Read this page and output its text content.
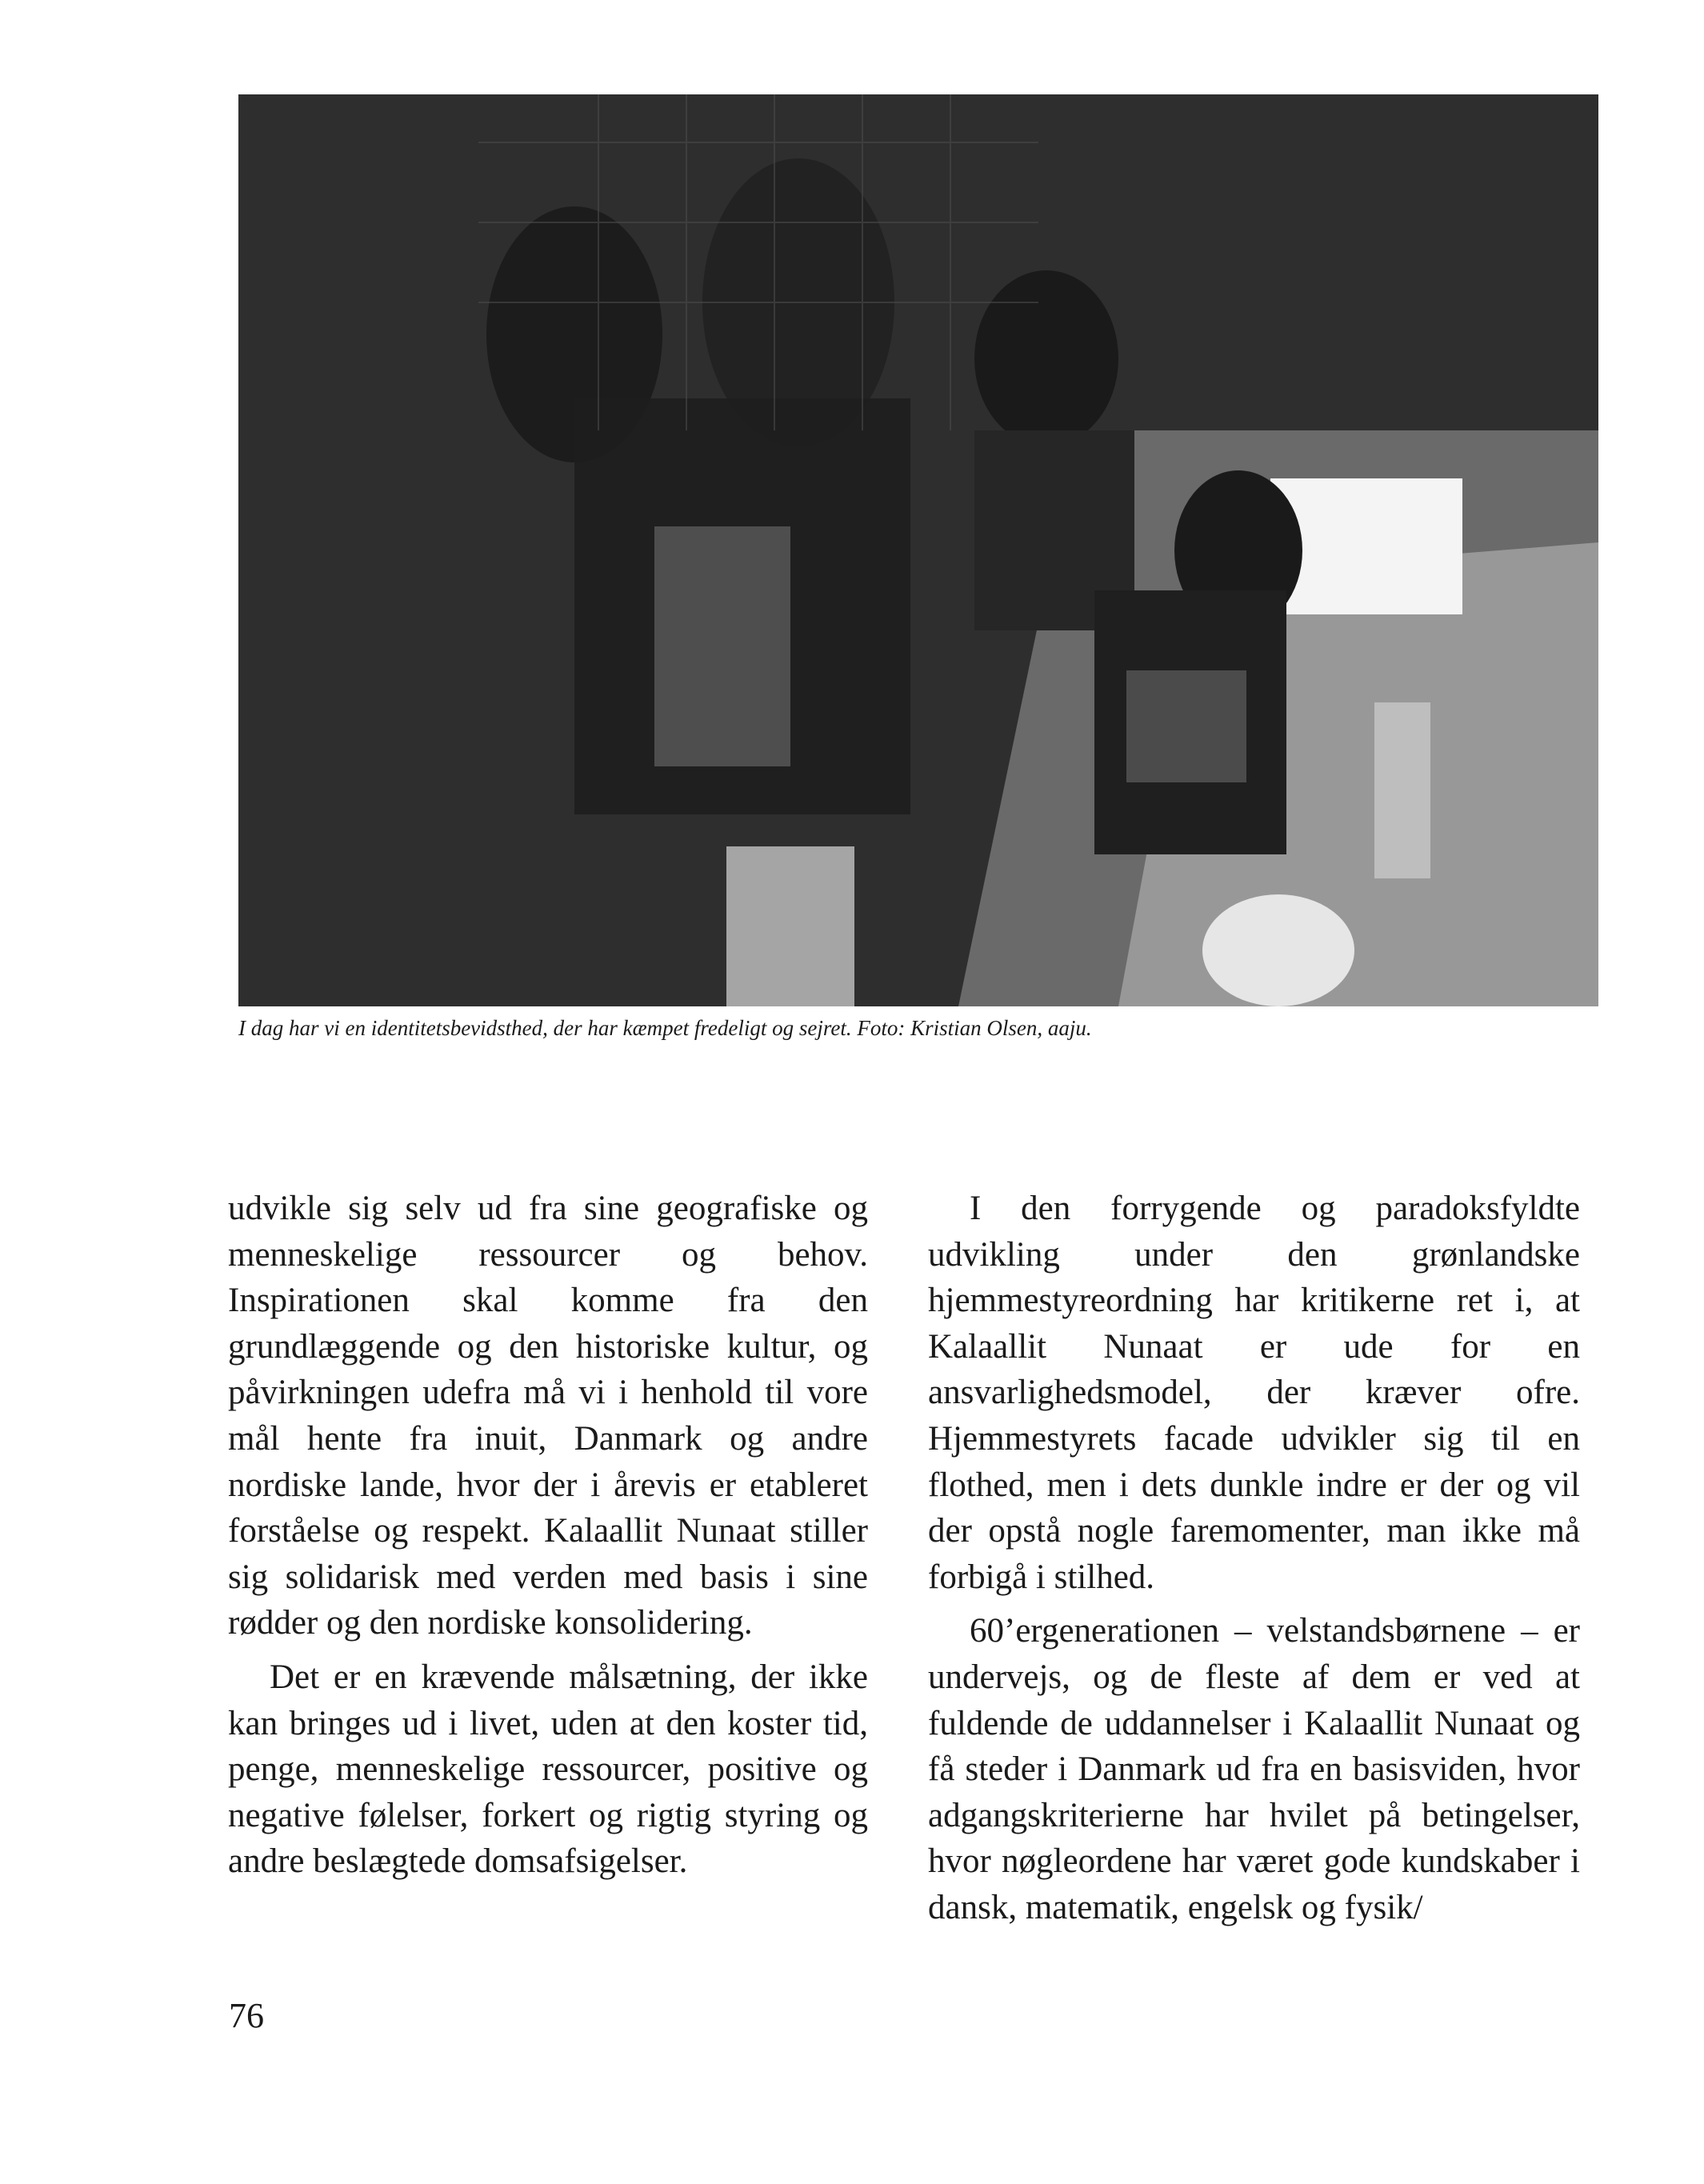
I dag har vi en identitetsbevidsthed, der har kæmpet fredeligt og sejret. Foto: Kristian Olsen, aaju.

udvikle sig selv ud fra sine geografiske og menneskelige ressourcer og behov. Inspirationen skal komme fra den grundlæggende og den historiske kultur, og påvirkningen udefra må vi i henhold til vore mål hente fra inuit, Danmark og andre nordiske lande, hvor der i årevis er etableret forståelse og respekt. Kalaallit Nunaat stiller sig solidarisk med verden med basis i sine rødder og den nordiske konsolidering.

Det er en krævende målsætning, der ikke kan bringes ud i livet, uden at den koster tid, penge, menneskelige ressourcer, positive og negative følelser, forkert og rigtig styring og andre beslægtede domsafsigelser.

I den forrygende og paradoksfyldte udvikling under den grønlandske hjemmestyreordning har kritikerne ret i, at Kalaallit Nunaat er ude for en ansvarlighedsmodel, der kræver ofre. Hjemmestyrets facade udvikler sig til en flothed, men i dets dunkle indre er der og vil der opstå nogle faremomenter, man ikke må forbigå i stilhed.

60’ergenerationen – velstandsbørnene – er undervejs, og de fleste af dem er ved at fuldende de uddannelser i Kalaallit Nunaat og få steder i Danmark ud fra en basisviden, hvor adgangskriterierne har hvilet på betingelser, hvor nøgleordene har været gode kundskaber i dansk, matematik, engelsk og fysik/

76
